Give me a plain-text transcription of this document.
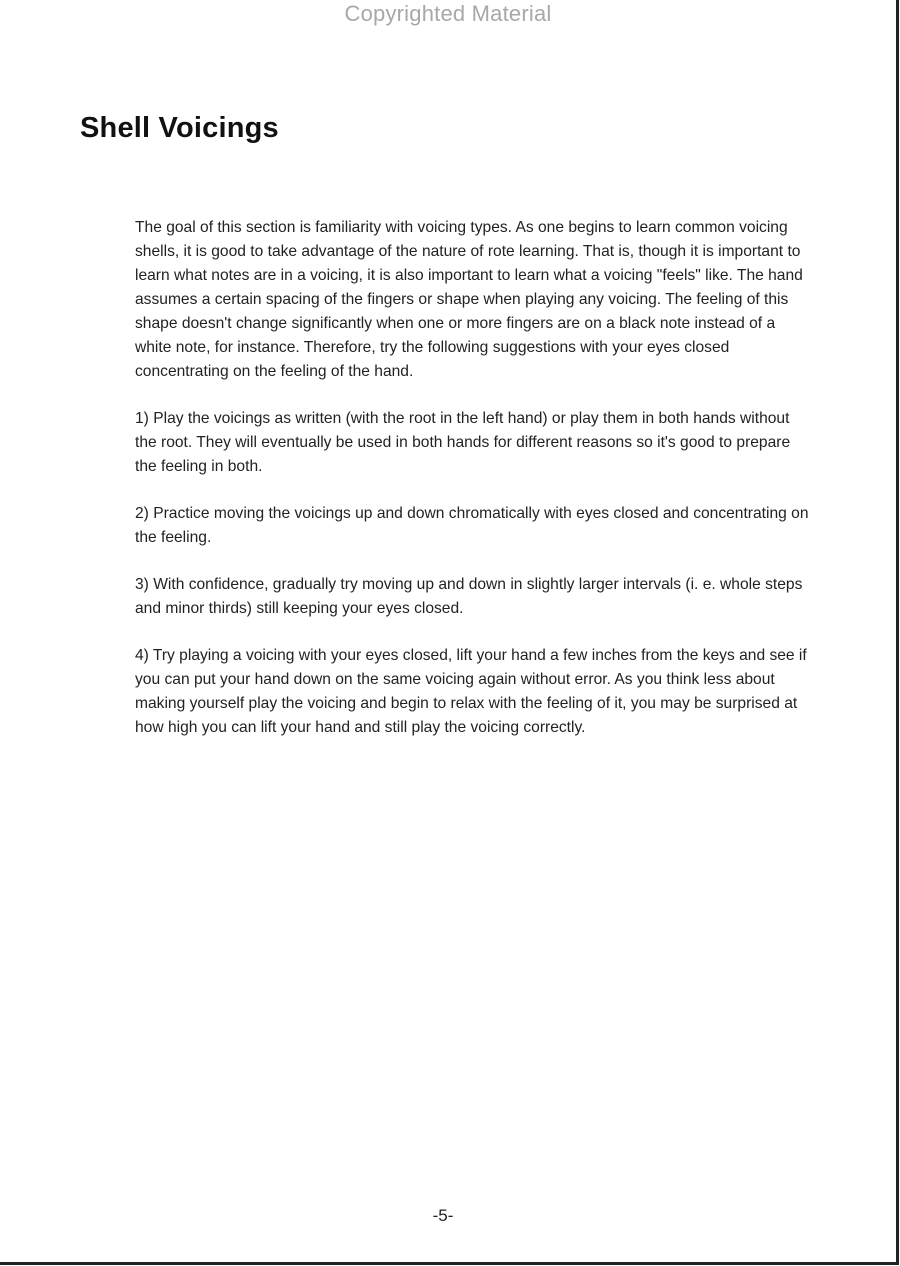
Copyrighted Material
Shell Voicings

The goal of this section is familiarity with voicing types. As one begins to learn common voicing shells, it is good to take advantage of the nature of rote learning. That is, though it is important to learn what notes are in a voicing, it is also important to learn what a voicing "feels" like. The hand assumes a certain spacing of the fingers or shape when playing any voicing. The feeling of this shape doesn't change significantly when one or more fingers are on a black note instead of a white note, for instance. Therefore, try the following suggestions with your eyes closed concentrating on the feeling of the hand.

1) Play the voicings as written (with the root in the left hand) or play them in both hands without the root. They will eventually be used in both hands for different reasons so it's good to prepare the feeling in both.

2) Practice moving the voicings up and down chromatically with eyes closed and concentrating on the feeling.

3) With confidence, gradually try moving up and down in slightly larger intervals (i. e. whole steps and minor thirds) still keeping your eyes closed.

4) Try playing a voicing with your eyes closed, lift your hand a few inches from the keys and see if you can put your hand down on the same voicing again without error. As you think less about making yourself play the voicing and begin to relax with the feeling of it, you may be surprised at how high you can lift your hand and still play the voicing correctly.

-5-
